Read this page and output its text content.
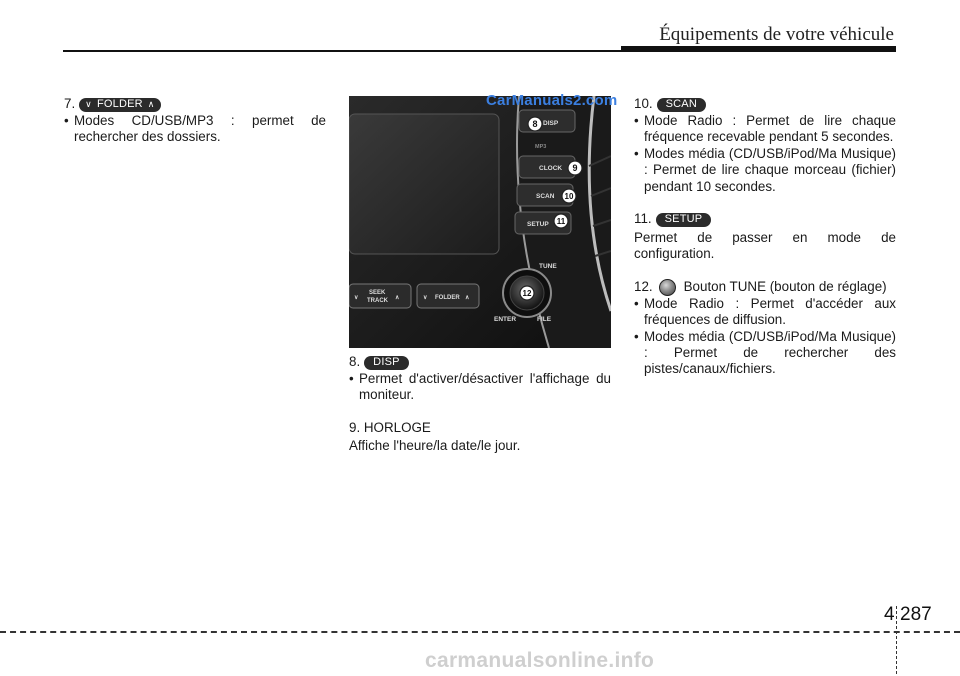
Équipements de votre véhicule
7. ∨ FOLDER ∧
• Modes CD/USB/MP3 : permet de rechercher des dossiers.
DISP
MP3
CLOCK
SCAN
SETUP
TUNE
ENTER	FILE
∨
SEEK
TRACK ∧	∨ FOLDER ∧
8
9
10
11
12
CarManuals2.com
8. DISP
• Permet d'activer/désactiver l'affichage du moniteur.
9. HORLOGE
Affiche l'heure/la date/le jour.
10. SCAN
• Mode Radio : Permet de lire chaque fréquence recevable pendant 5 secondes.
• Modes média (CD/USB/iPod/Ma Musique) : Permet de lire chaque morceau (fichier) pendant 10 secondes.
11. SETUP
Permet de passer en mode de configuration.
12. Bouton TUNE (bouton de réglage)
• Mode Radio : Permet d'accéder aux fréquences de diffusion.
• Modes média (CD/USB/iPod/Ma Musique) : Permet de rechercher des pistes/canaux/fichiers.
4 287
carmanualsonline.info
